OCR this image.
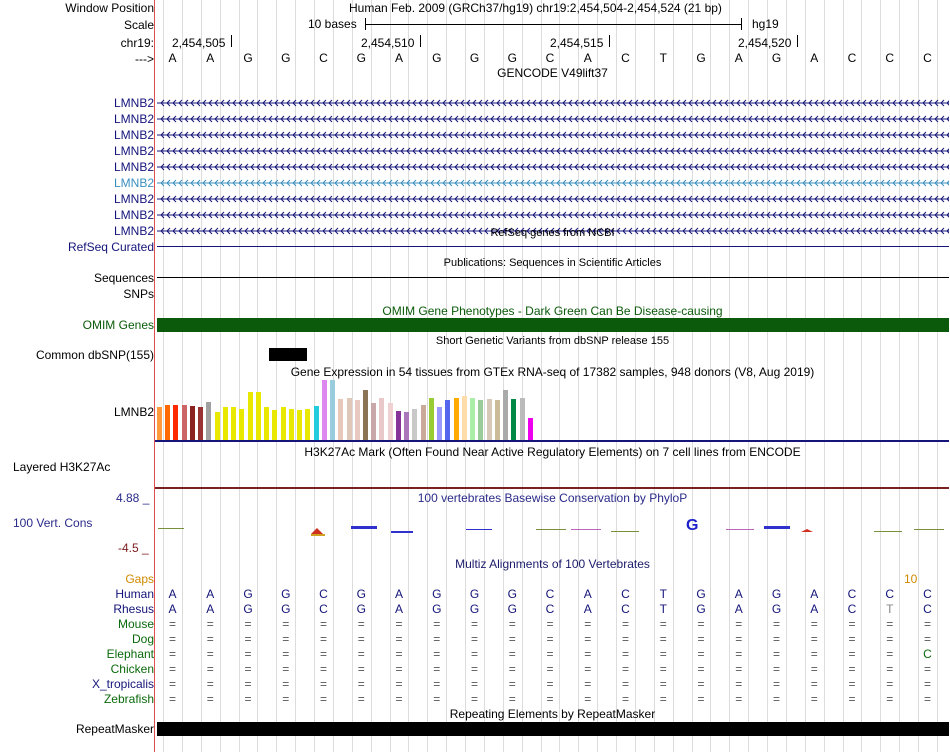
Window Position	Human Feb. 2009 (GRCh37/hg19) chr19:2,454,504-2,454,524 (21 bp)
Scale	10 bases	hg19
chr19: 2,454,505	2,454,510	2,454,515	2,454,520
--->	A	A	G	G	C	G	A	G	G	G	C	A	C	T	G	A	G	A	C	C	C
GENCODE V49lift37
LMNB2
LMNB2
LMNB2
LMNB2
LMNB2
LMNB2
LMNB2
LMNB2
LMNB2	RefSeq genes from NCBI
RefSeq Curated
Publications: Sequences in Scientific Articles
Sequences
SNPs
OMIM Gene Phenotypes - Dark Green Can Be Disease-causing
OMIM Genes
Short Genetic Variants from dbSNP release 155
Common dbSNP(155)
Gene Expression in 54 tissues from GTEx RNA-seq of 17382 samples, 948 donors (V8, Aug 2019)
LMNB2
H3K27Ac Mark (Often Found Near Active Regulatory Elements) on 7 cell lines from ENCODE
Layered H3K27Ac
4.88 _	100 vertebrates Basewise Conservation by PhyloP
100 Vert. Cons
-4.5 _
G
Multiz Alignments of 100 Vertebrates
Gaps	10
Human	A	A	G	G	C	G	A	G	G	G	C	A	C	T	G	A	G	A	C	C	C
Rhesus	A	A	G	G	C	G	A	G	G	G	C	A	C	T	G	A	G	A	C	T	C
Mouse	=	=	=	=	=	=	=	=	=	=	=	=	=	=	=	=	=	=	=	=	=
Dog	=	=	=	=	=	=	=	=	=	=	=	=	=	=	=	=	=	=	=	=	=
Elephant	=	=	=	=	=	=	=	=	=	=	=	=	=	=	=	=	=	=	=	=	C
Chicken	=	=	=	=	=	=	=	=	=	=	=	=	=	=	=	=	=	=	=	=	=
X_tropicalis	=	=	=	=	=	=	=	=	=	=	=	=	=	=	=	=	=	=	=	=	=
Zebrafish	=	=	=	=	=	=	=	=	=	=	=	=	=	=	=	=	=	=	=	=	=
Repeating Elements by RepeatMasker
RepeatMasker
